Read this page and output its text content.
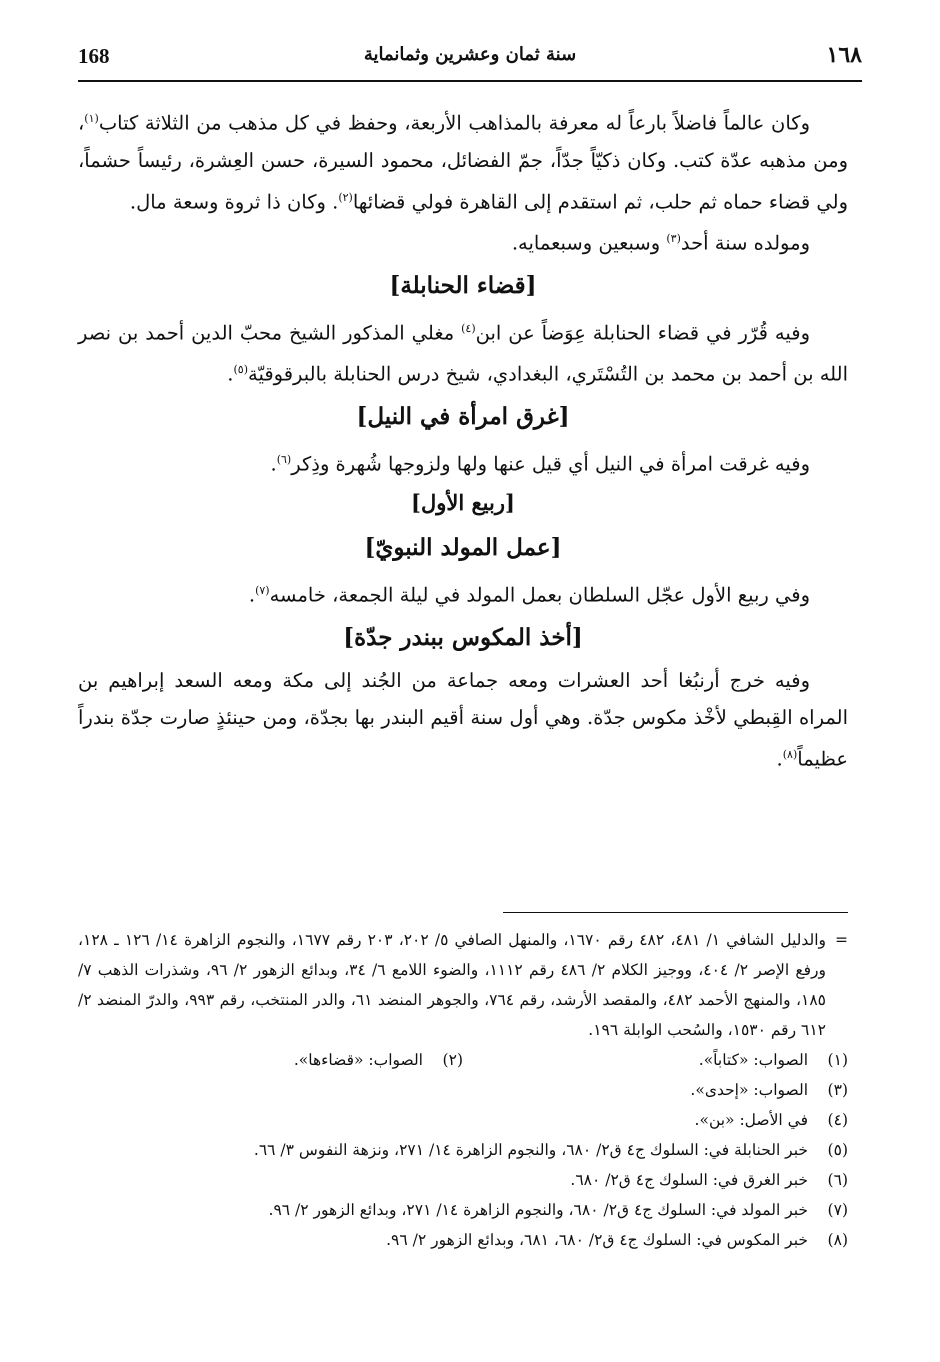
168	سنة ثمان وعشرين وثمانماية	١٦٨

وكان عالماً فاضلاً بارعاً له معرفة بالمذاهب الأربعة، وحفظ في كل مذهب من الثلاثة كتاب$^{(١)}$، ومن مذهبه عدّة كتب. وكان ذكيّاً جدّاً، جمّ الفضائل، محمود السيرة، حسن العِشرة، رئيساً حشماً، ولي قضاء حماه ثم حلب، ثم استقدم إلى القاهرة فولي قضائها$^{(٢)}$. وكان ذا ثروة وسعة مال.

ومولده سنة أحد$^{(٣)}$ وسبعين وسبعمايه.

[قضاء الحنابلة]

وفيه قُرّر في قضاء الحنابلة عِوَضاً عن ابن$^{(٤)}$ مغلي المذكور الشيخ محبّ الدين أحمد بن نصر الله بن أحمد بن محمد بن التُسْتَري، البغدادي، شيخ درس الحنابلة بالبرقوقيّة$^{(٥)}$.

[غرق امرأة في النيل]

وفيه غرقت امرأة في النيل أي قيل عنها ولها ولزوجها شُهرة وذِكر$^{(٦)}$.

[ربيع الأول]
[عمل المولد النبويّ]

وفي ربيع الأول عجّل السلطان بعمل المولد في ليلة الجمعة، خامسه$^{(٧)}$.

[أخذ المكوس ببندر جدّة]

وفيه خرج أرنبُغا أحد العشرات ومعه جماعة من الجُند إلى مكة ومعه السعد إبراهيم بن المراه القِبطي لأخْذ مكوس جدّة. وهي أول سنة أقيم البندر بها بجدّة، ومن حينئذٍ صارت جدّة بندراً عظيماً$^{(٨)}$.

=
والدليل الشافي ١/ ٤٨١، ٤٨٢ رقم ١٦٧٠، والمنهل الصافي ٥/ ٢٠٢، ٢٠٣ رقم ١٦٧٧، والنجوم الزاهرة ١٤/ ١٢٦ ـ ١٢٨، ورفع الإصر ٢/ ٤٠٤، ووجيز الكلام ٢/ ٤٨٦ رقم ١١١٢، والضوء اللامع ٦/ ٣٤، وبدائع الزهور ٢/ ٩٦، وشذرات الذهب ٧/ ١٨٥، والمنهج الأحمد ٤٨٢، والمقصد الأرشد، رقم ٧٦٤، والجوهر المنضد ٦١، والدر المنتخب، رقم ٩٩٣، والدرّ المنضد ٢/ ٦١٢ رقم ١٥٣٠، والسُحب الوابلة ١٩٦.

(١)
الصواب: «كتاباً».
(٢)
الصواب: «قضاءها».
(٣)
الصواب: «إحدى».
(٤)
في الأصل: «بن».
(٥)
خبر الحنابلة في: السلوك ج٤ ق٢/ ٦٨٠، والنجوم الزاهرة ١٤/ ٢٧١، ونزهة النفوس ٣/ ٦٦.
(٦)
خبر الغرق في: السلوك ج٤ ق٢/ ٦٨٠.
(٧)
خبر المولد في: السلوك ج٤ ق٢/ ٦٨٠، والنجوم الزاهرة ١٤/ ٢٧١، وبدائع الزهور ٢/ ٩٦.
(٨)
خبر المكوس في: السلوك ج٤ ق٢/ ٦٨٠، ٦٨١، وبدائع الزهور ٢/ ٩٦.
